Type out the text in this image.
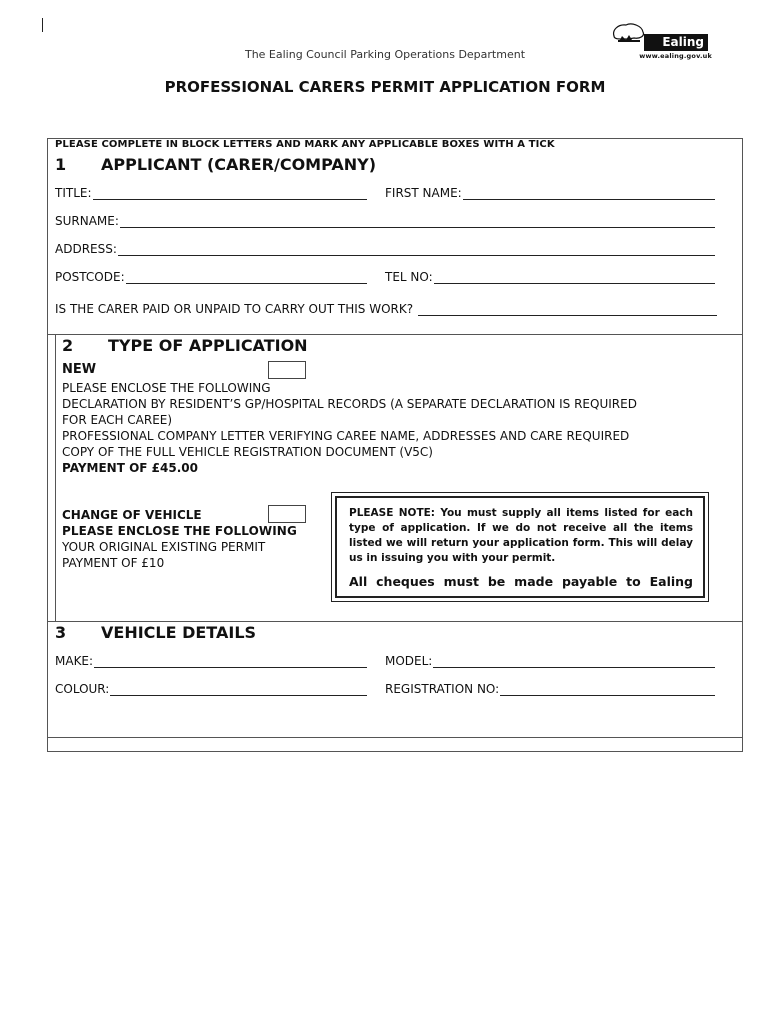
The Ealing Council Parking Operations Department
Ealing
www.ealing.gov.uk
PROFESSIONAL CARERS PERMIT APPLICATION FORM
PLEASE COMPLETE IN BLOCK LETTERS AND MARK ANY APPLICABLE BOXES WITH A TICK
1 APPLICANT (CARER/COMPANY)
TITLE:	FIRST NAME:
SURNAME:
ADDRESS:
POSTCODE:	TEL NO:
IS THE CARER PAID OR UNPAID TO CARRY OUT THIS WORK?
2 TYPE OF APPLICATION
NEW
PLEASE ENCLOSE THE FOLLOWING
DECLARATION BY RESIDENT’S GP/HOSPITAL RECORDS (A SEPARATE DECLARATION IS REQUIRED
FOR EACH CAREE)
PROFESSIONAL COMPANY LETTER VERIFYING CAREE NAME, ADDRESSES AND CARE REQUIRED
COPY OF THE FULL VEHICLE REGISTRATION DOCUMENT (V5C)
PAYMENT OF £45.00
CHANGE OF VEHICLE
PLEASE ENCLOSE THE FOLLOWING
YOUR ORIGINAL EXISTING PERMIT
PAYMENT OF £10
PLEASE NOTE: You must supply all items listed for each type of application. If we do not receive all the items listed we will return your application form. This will delay us in issuing you with your permit.
All cheques must be made payable to Ealing
3 VEHICLE DETAILS
MAKE:	MODEL:
COLOUR:	REGISTRATION NO:
